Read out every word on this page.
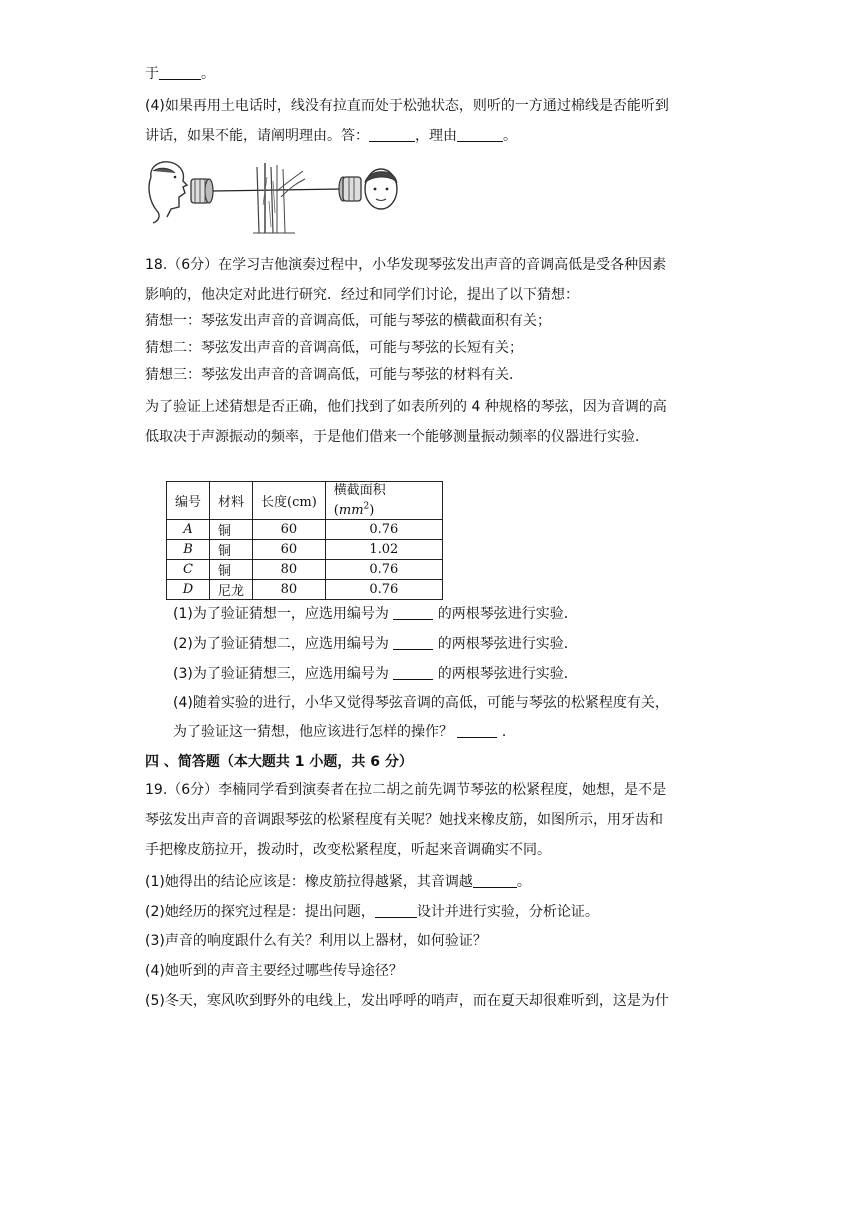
于	。
(4)如果再用土电话时，线没有拉直而处于松弛状态，则听的一方通过棉线是否能听到
讲话，如果不能，请阐明理由。答：	，理由	。
18.（6分）在学习吉他演奏过程中，小华发现琴弦发出声音的音调高低是受各种因素
影响的，他决定对此进行研究．经过和同学们讨论，提出了以下猜想：
猜想一：琴弦发出声音的音调高低，可能与琴弦的横截面积有关；
猜想二：琴弦发出声音的音调高低，可能与琴弦的长短有关；
猜想三：琴弦发出声音的音调高低，可能与琴弦的材料有关．
为了验证上述猜想是否正确，他们找到了如表所列的 4 种规格的琴弦，因为音调的高
低取决于声源振动的频率，于是他们借来一个能够测量振动频率的仪器进行实验．
编号	材料	长度(cm)	横截面积
$(mm^2)$
A	铜	60	0.76
B	铜	60	1.02
C	铜	80	0.76
D	尼龙	80	0.76
(1)为了验证猜想一，应选用编号为	的两根琴弦进行实验．
(2)为了验证猜想二，应选用编号为	的两根琴弦进行实验．
(3)为了验证猜想三，应选用编号为	的两根琴弦进行实验．
(4)随着实验的进行，小华又觉得琴弦音调的高低，可能与琴弦的松紧程度有关，
为了验证这一猜想，他应该进行怎样的操作？	．
四 、简答题（本大题共 1 小题，共 6 分）
19.（6分）李楠同学看到演奏者在拉二胡之前先调节琴弦的松紧程度，她想，是不是
琴弦发出声音的音调跟琴弦的松紧程度有关呢？她找来橡皮筋，如图所示，用牙齿和
手把橡皮筋拉开，拨动时，改变松紧程度，听起来音调确实不同。
(1)她得出的结论应该是：橡皮筋拉得越紧，其音调越	。
(2)她经历的探究过程是：提出问题，	设计并进行实验，分析论证。
(3)声音的响度跟什么有关？利用以上器材，如何验证？
(4)她听到的声音主要经过哪些传导途径？
(5)冬天，寒风吹到野外的电线上，发出呼呼的哨声，而在夏天却很难听到，这是为什
